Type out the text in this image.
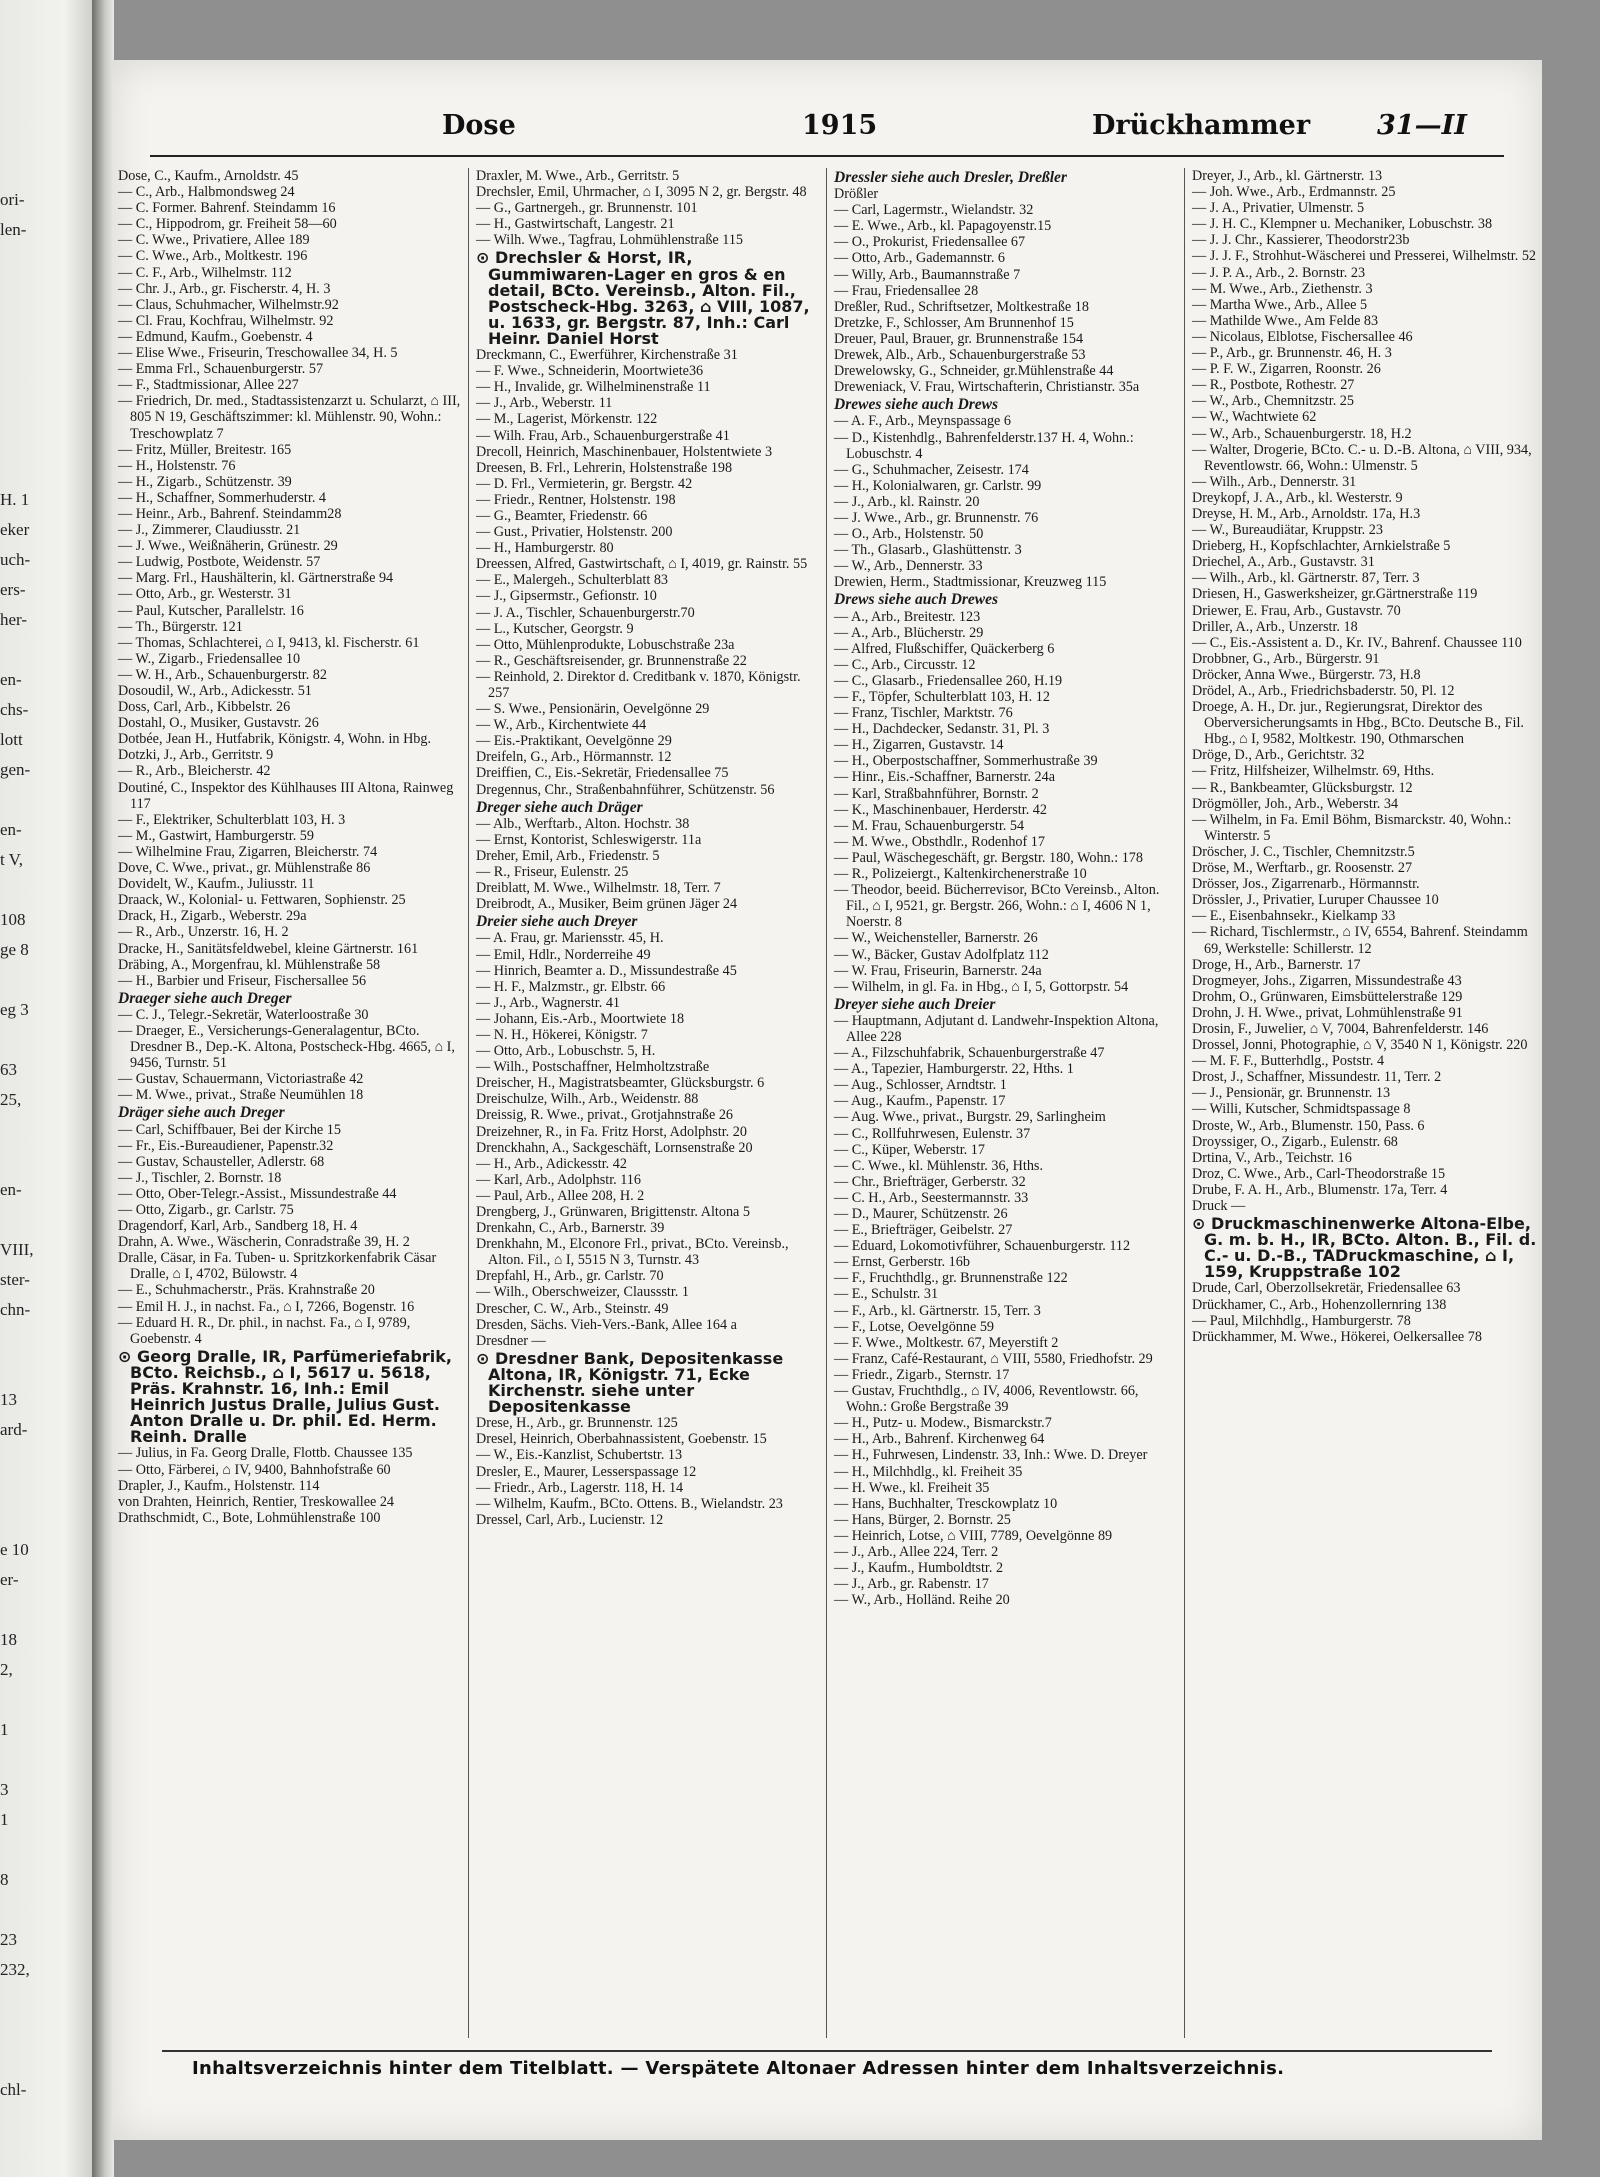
ori-
len-
H. 1
eker
uch-
ers-
her-
en-
chs-
lott
gen-
en-
t V,
108
ge 8
eg 3
63
25,
en-
VIII,
ster-
chn-
13
ard-
e 10
er-
18
2,
1
3
1
8
23
232,
chl-
Dose	1915	Drückhammer 31—II

Dose, C., Kaufm., Arnoldstr. 45

— C., Arb., Halbmondsweg 24

— C. Former. Bahrenf. Steindamm 16

— C., Hippodrom, gr. Freiheit 58—60

— C. Wwe., Privatiere, Allee 189

— C. Wwe., Arb., Moltkestr. 196

— C. F., Arb., Wilhelmstr. 112

— Chr. J., Arb., gr. Fischerstr. 4, H. 3

— Claus, Schuhmacher, Wilhelmstr.92

— Cl. Frau, Kochfrau, Wilhelmstr. 92

— Edmund, Kaufm., Goebenstr. 4

— Elise Wwe., Friseurin, Treschowallee 34, H. 5

— Emma Frl., Schauenburgerstr. 57

— F., Stadtmissionar, Allee 227

— Friedrich, Dr. med., Stadtassistenzarzt u. Schularzt, ⌂ III, 805 N 19, Geschäftszimmer: kl. Mühlenstr. 90, Wohn.: Treschowplatz 7

— Fritz, Müller, Breitestr. 165

— H., Holstenstr. 76

— H., Zigarb., Schützenstr. 39

— H., Schaffner, Sommerhuderstr. 4

— Heinr., Arb., Bahrenf. Steindamm28

— J., Zimmerer, Claudiusstr. 21

— J. Wwe., Weißnäherin, Grünestr. 29

— Ludwig, Postbote, Weidenstr. 57

— Marg. Frl., Haushälterin, kl. Gärtnerstraße 94

— Otto, Arb., gr. Westerstr. 31

— Paul, Kutscher, Parallelstr. 16

— Th., Bürgerstr. 121

— Thomas, Schlachterei, ⌂ I, 9413, kl. Fischerstr. 61

— W., Zigarb., Friedensallee 10

— W. H., Arb., Schauenburgerstr. 82

Dosoudil, W., Arb., Adickesstr. 51

Doss, Carl, Arb., Kibbelstr. 26

Dostahl, O., Musiker, Gustavstr. 26

Dotbée, Jean H., Hutfabrik, Königstr. 4, Wohn. in Hbg.

Dotzki, J., Arb., Gerritstr. 9

— R., Arb., Bleicherstr. 42

Doutiné, C., Inspektor des Kühlhauses III Altona, Rainweg 117

— F., Elektriker, Schulterblatt 103, H. 3

— M., Gastwirt, Hamburgerstr. 59

— Wilhelmine Frau, Zigarren, Bleicherstr. 74

Dove, C. Wwe., privat., gr. Mühlenstraße 86

Dovidelt, W., Kaufm., Juliusstr. 11

Draack, W., Kolonial- u. Fettwaren, Sophienstr. 25

Drack, H., Zigarb., Weberstr. 29a

— R., Arb., Unzerstr. 16, H. 2

Dracke, H., Sanitätsfeldwebel, kleine Gärtnerstr. 161

Dräbing, A., Morgenfrau, kl. Mühlenstraße 58

— H., Barbier und Friseur, Fischersallee 56

Draeger siehe auch Dreger

— C. J., Telegr.-Sekretär, Waterloostraße 30

— Draeger, E., Versicherungs-Generalagentur, BCto. Dresdner B., Dep.-K. Altona, Postscheck-Hbg. 4665, ⌂ I, 9456, Turnstr. 51

— Gustav, Schauermann, Victoriastraße 42

— M. Wwe., privat., Straße Neumühlen 18

Dräger siehe auch Dreger

— Carl, Schiffbauer, Bei der Kirche 15

— Fr., Eis.-Bureaudiener, Papenstr.32

— Gustav, Schausteller, Adlerstr. 68

— J., Tischler, 2. Bornstr. 18

— Otto, Ober-Telegr.-Assist., Missundestraße 44

— Otto, Zigarb., gr. Carlstr. 75

Dragendorf, Karl, Arb., Sandberg 18, H. 4

Drahn, A. Wwe., Wäscherin, Conradstraße 39, H. 2

Dralle, Cäsar, in Fa. Tuben- u. Spritzkorkenfabrik Cäsar Dralle, ⌂ I, 4702, Bülowstr. 4

— E., Schuhmacherstr., Präs. Krahnstraße 20

— Emil H. J., in nachst. Fa., ⌂ I, 7266, Bogenstr. 16

— Eduard H. R., Dr. phil., in nachst. Fa., ⌂ I, 9789, Goebenstr. 4

⊙ Georg Dralle, IR, Parfümeriefabrik, BCto. Reichsb., ⌂ I, 5617 u. 5618, Präs. Krahnstr. 16, Inh.: Emil Heinrich Justus Dralle, Julius Gust. Anton Dralle u. Dr. phil. Ed. Herm. Reinh. Dralle

— Julius, in Fa. Georg Dralle, Flottb. Chaussee 135

— Otto, Färberei, ⌂ IV, 9400, Bahnhofstraße 60

Drapler, J., Kaufm., Holstenstr. 114

von Drahten, Heinrich, Rentier, Treskowallee 24

Drathschmidt, C., Bote, Lohmühlenstraße 100

Draxler, M. Wwe., Arb., Gerritstr. 5

Drechsler, Emil, Uhrmacher, ⌂ I, 3095 N 2, gr. Bergstr. 48

— G., Gartnergeh., gr. Brunnenstr. 101

— H., Gastwirtschaft, Langestr. 21

— Wilh. Wwe., Tagfrau, Lohmühlenstraße 115

⊙ Drechsler & Horst, IR, Gummiwaren-Lager en gros & en detail, BCto. Vereinsb., Alton. Fil., Postscheck-Hbg. 3263, ⌂ VIII, 1087, u. 1633, gr. Bergstr. 87, Inh.: Carl Heinr. Daniel Horst

Dreckmann, C., Ewerführer, Kirchenstraße 31

— F. Wwe., Schneiderin, Moortwiete36

— H., Invalide, gr. Wilhelminenstraße 11

— J., Arb., Weberstr. 11

— M., Lagerist, Mörkenstr. 122

— Wilh. Frau, Arb., Schauenburgerstraße 41

Drecoll, Heinrich, Maschinenbauer, Holstentwiete 3

Dreesen, B. Frl., Lehrerin, Holstenstraße 198

— D. Frl., Vermieterin, gr. Bergstr. 42

— Friedr., Rentner, Holstenstr. 198

— G., Beamter, Friedenstr. 66

— Gust., Privatier, Holstenstr. 200

— H., Hamburgerstr. 80

Dreessen, Alfred, Gastwirtschaft, ⌂ I, 4019, gr. Rainstr. 55

— E., Malergeh., Schulterblatt 83

— J., Gipsermstr., Gefionstr. 10

— J. A., Tischler, Schauenburgerstr.70

— L., Kutscher, Georgstr. 9

— Otto, Mühlenprodukte, Lobuschstraße 23a

— R., Geschäftsreisender, gr. Brunnenstraße 22

— Reinhold, 2. Direktor d. Creditbank v. 1870, Königstr. 257

— S. Wwe., Pensionärin, Oevelgönne 29

— W., Arb., Kirchentwiete 44

— Eis.-Praktikant, Oevelgönne 29

Dreifeln, G., Arb., Hörmannstr. 12

Dreiffien, C., Eis.-Sekretär, Friedensallee 75

Dregennus, Chr., Straßenbahnführer, Schützenstr. 56

Dreger siehe auch Dräger

— Alb., Werftarb., Alton. Hochstr. 38

— Ernst, Kontorist, Schleswigerstr. 11a

Dreher, Emil, Arb., Friedenstr. 5

— R., Friseur, Eulenstr. 25

Dreiblatt, M. Wwe., Wilhelmstr. 18, Terr. 7

Dreibrodt, A., Musiker, Beim grünen Jäger 24

Dreier siehe auch Dreyer

— A. Frau, gr. Mariensstr. 45, H.

— Emil, Hdlr., Norderreihe 49

— Hinrich, Beamter a. D., Missundestraße 45

— H. F., Malzmstr., gr. Elbstr. 66

— J., Arb., Wagnerstr. 41

— Johann, Eis.-Arb., Moortwiete 18

— N. H., Hökerei, Königstr. 7

— Otto, Arb., Lobuschstr. 5, H.

— Wilh., Postschaffner, Helmholtzstraße

Dreischer, H., Magistratsbeamter, Glücksburgstr. 6

Dreischulze, Wilh., Arb., Weidenstr. 88

Dreissig, R. Wwe., privat., Grotjahnstraße 26

Dreizehner, R., in Fa. Fritz Horst, Adolphstr. 20

Drenckhahn, A., Sackgeschäft, Lornsenstraße 20

— H., Arb., Adickesstr. 42

— Karl, Arb., Adolphstr. 116

— Paul, Arb., Allee 208, H. 2

Drengberg, J., Grünwaren, Brigittenstr. Altona 5

Drenkahn, C., Arb., Barnerstr. 39

Drenkhahn, M., Elconore Frl., privat., BCto. Vereinsb., Alton. Fil., ⌂ I, 5515 N 3, Turnstr. 43

Drepfahl, H., Arb., gr. Carlstr. 70

— Wilh., Oberschweizer, Claussstr. 1

Drescher, C. W., Arb., Steinstr. 49

Dresden, Sächs. Vieh-Vers.-Bank, Allee 164 a

Dresdner —

⊙ Dresdner Bank, Depositenkasse Altona, IR, Königstr. 71, Ecke Kirchenstr. siehe unter Depositenkasse

Drese, H., Arb., gr. Brunnenstr. 125

Dresel, Heinrich, Oberbahnassistent, Goebenstr. 15

— W., Eis.-Kanzlist, Schubertstr. 13

Dresler, E., Maurer, Lesserspassage 12

— Friedr., Arb., Lagerstr. 118, H. 14

— Wilhelm, Kaufm., BCto. Ottens. B., Wielandstr. 23

Dressel, Carl, Arb., Lucienstr. 12

Dressler siehe auch Dresler, Dreßler

Drößler

— Carl, Lagermstr., Wielandstr. 32

— E. Wwe., Arb., kl. Papagoyenstr.15

— O., Prokurist, Friedensallee 67

— Otto, Arb., Gademannstr. 6

— Willy, Arb., Baumannstraße 7

— Frau, Friedensallee 28

Dreßler, Rud., Schriftsetzer, Moltkestraße 18

Dretzke, F., Schlosser, Am Brunnenhof 15

Dreuer, Paul, Brauer, gr. Brunnenstraße 154

Drewek, Alb., Arb., Schauenburgerstraße 53

Drewelowsky, G., Schneider, gr.Mühlenstraße 44

Dreweniack, V. Frau, Wirtschafterin, Christianstr. 35a

Drewes siehe auch Drews

— A. F., Arb., Meynspassage 6

— D., Kistenhdlg., Bahrenfelderstr.137 H. 4, Wohn.: Lobuschstr. 4

— G., Schuhmacher, Zeisestr. 174

— H., Kolonialwaren, gr. Carlstr. 99

— J., Arb., kl. Rainstr. 20

— J. Wwe., Arb., gr. Brunnenstr. 76

— O., Arb., Holstenstr. 50

— Th., Glasarb., Glashüttenstr. 3

— W., Arb., Dennerstr. 33

Drewien, Herm., Stadtmissionar, Kreuzweg 115

Drews siehe auch Drewes

— A., Arb., Breitestr. 123

— A., Arb., Blücherstr. 29

— Alfred, Flußschiffer, Quäckerberg 6

— C., Arb., Circusstr. 12

— C., Glasarb., Friedensallee 260, H.19

— F., Töpfer, Schulterblatt 103, H. 12

— Franz, Tischler, Marktstr. 76

— H., Dachdecker, Sedanstr. 31, Pl. 3

— H., Zigarren, Gustavstr. 14

— H., Oberpostschaffner, Sommerhustraße 39

— Hinr., Eis.-Schaffner, Barnerstr. 24a

— Karl, Straßbahnführer, Bornstr. 2

— K., Maschinenbauer, Herderstr. 42

— M. Frau, Schauenburgerstr. 54

— M. Wwe., Obsthdlr., Rodenhof 17

— Paul, Wäschegeschäft, gr. Bergstr. 180, Wohn.: 178

— R., Polizeiergt., Kaltenkirchenerstraße 10

— Theodor, beeid. Bücherrevisor, BCto Vereinsb., Alton. Fil., ⌂ I, 9521, gr. Bergstr. 266, Wohn.: ⌂ I, 4606 N 1, Noerstr. 8

— W., Weichensteller, Barnerstr. 26

— W., Bäcker, Gustav Adolfplatz 112

— W. Frau, Friseurin, Barnerstr. 24a

— Wilhelm, in gl. Fa. in Hbg., ⌂ I, 5, Gottorpstr. 54

Dreyer siehe auch Dreier

— Hauptmann, Adjutant d. Landwehr-Inspektion Altona, Allee 228

— A., Filzschuhfabrik, Schauenburgerstraße 47

— A., Tapezier, Hamburgerstr. 22, Hths. 1

— Aug., Schlosser, Arndtstr. 1

— Aug., Kaufm., Papenstr. 17

— Aug. Wwe., privat., Burgstr. 29, Sarlingheim

— C., Rollfuhrwesen, Eulenstr. 37

— C., Küper, Weberstr. 17

— C. Wwe., kl. Mühlenstr. 36, Hths.

— Chr., Briefträger, Gerberstr. 32

— C. H., Arb., Seestermannstr. 33

— D., Maurer, Schützenstr. 26

— E., Briefträger, Geibelstr. 27

— Eduard, Lokomotivführer, Schauenburgerstr. 112

— Ernst, Gerberstr. 16b

— F., Fruchthdlg., gr. Brunnenstraße 122

— E., Schulstr. 31

— F., Arb., kl. Gärtnerstr. 15, Terr. 3

— F., Lotse, Oevelgönne 59

— F. Wwe., Moltkestr. 67, Meyerstift 2

— Franz, Café-Restaurant, ⌂ VIII, 5580, Friedhofstr. 29

— Friedr., Zigarb., Sternstr. 17

— Gustav, Fruchthdlg., ⌂ IV, 4006, Reventlowstr. 66, Wohn.: Große Bergstraße 39

— H., Putz- u. Modew., Bismarckstr.7

— H., Arb., Bahrenf. Kirchenweg 64

— H., Fuhrwesen, Lindenstr. 33, Inh.: Wwe. D. Dreyer

— H., Milchhdlg., kl. Freiheit 35

— H. Wwe., kl. Freiheit 35

— Hans, Buchhalter, Tresckowplatz 10

— Hans, Bürger, 2. Bornstr. 25

— Heinrich, Lotse, ⌂ VIII, 7789, Oevelgönne 89

— J., Arb., Allee 224, Terr. 2

— J., Kaufm., Humboldtstr. 2

— J., Arb., gr. Rabenstr. 17

— W., Arb., Holländ. Reihe 20

Dreyer, J., Arb., kl. Gärtnerstr. 13

— Joh. Wwe., Arb., Erdmannstr. 25

— J. A., Privatier, Ulmenstr. 5

— J. H. C., Klempner u. Mechaniker, Lobuschstr. 38

— J. J. Chr., Kassierer, Theodorstr23b

— J. J. F., Strohhut-Wäscherei und Presserei, Wilhelmstr. 52

— J. P. A., Arb., 2. Bornstr. 23

— M. Wwe., Arb., Ziethenstr. 3

— Martha Wwe., Arb., Allee 5

— Mathilde Wwe., Am Felde 83

— Nicolaus, Elblotse, Fischersallee 46

— P., Arb., gr. Brunnenstr. 46, H. 3

— P. F. W., Zigarren, Roonstr. 26

— R., Postbote, Rothestr. 27

— W., Arb., Chemnitzstr. 25

— W., Wachtwiete 62

— W., Arb., Schauenburgerstr. 18, H.2

— Walter, Drogerie, BCto. C.- u. D.-B. Altona, ⌂ VIII, 934, Reventlowstr. 66, Wohn.: Ulmenstr. 5

— Wilh., Arb., Dennerstr. 31

Dreykopf, J. A., Arb., kl. Westerstr. 9

Dreyse, H. M., Arb., Arnoldstr. 17a, H.3

— W., Bureaudiätar, Kruppstr. 23

Drieberg, H., Kopfschlachter, Arnkielstraße 5

Driechel, A., Arb., Gustavstr. 31

— Wilh., Arb., kl. Gärtnerstr. 87, Terr. 3

Driesen, H., Gaswerksheizer, gr.Gärtnerstraße 119

Driewer, E. Frau, Arb., Gustavstr. 70

Driller, A., Arb., Unzerstr. 18

— C., Eis.-Assistent a. D., Kr. IV., Bahrenf. Chaussee 110

Drobbner, G., Arb., Bürgerstr. 91

Dröcker, Anna Wwe., Bürgerstr. 73, H.8

Drödel, A., Arb., Friedrichsbaderstr. 50, Pl. 12

Droege, A. H., Dr. jur., Regierungsrat, Direktor des Oberversicherungsamts in Hbg., BCto. Deutsche B., Fil. Hbg., ⌂ I, 9582, Moltkestr. 190, Othmarschen

Dröge, D., Arb., Gerichtstr. 32

— Fritz, Hilfsheizer, Wilhelmstr. 69, Hths.

— R., Bankbeamter, Glücksburgstr. 12

Drögmöller, Joh., Arb., Weberstr. 34

— Wilhelm, in Fa. Emil Böhm, Bismarckstr. 40, Wohn.: Winterstr. 5

Dröscher, J. C., Tischler, Chemnitzstr.5

Dröse, M., Werftarb., gr. Roosenstr. 27

Drösser, Jos., Zigarrenarb., Hörmannstr.

Drössler, J., Privatier, Luruper Chaussee 10

— E., Eisenbahnsekr., Kielkamp 33

— Richard, Tischlermstr., ⌂ IV, 6554, Bahrenf. Steindamm 69, Werkstelle: Schillerstr. 12

Droge, H., Arb., Barnerstr. 17

Drogmeyer, Johs., Zigarren, Missundestraße 43

Drohm, O., Grünwaren, Eimsbüttelerstraße 129

Drohn, J. H. Wwe., privat, Lohmühlenstraße 91

Drosin, F., Juwelier, ⌂ V, 7004, Bahrenfelderstr. 146

Drossel, Jonni, Photographie, ⌂ V, 3540 N 1, Königstr. 220

— M. F. F., Butterhdlg., Poststr. 4

Drost, J., Schaffner, Missundestr. 11, Terr. 2

— J., Pensionär, gr. Brunnenstr. 13

— Willi, Kutscher, Schmidtspassage 8

Droste, W., Arb., Blumenstr. 150, Pass. 6

Droyssiger, O., Zigarb., Eulenstr. 68

Drtina, V., Arb., Teichstr. 16

Droz, C. Wwe., Arb., Carl-Theodorstraße 15

Drube, F. A. H., Arb., Blumenstr. 17a, Terr. 4

Druck —

⊙ Druckmaschinenwerke Altona-Elbe, G. m. b. H., IR, BCto. Alton. B., Fil. d. C.- u. D.-B., TADruckmaschine, ⌂ I, 159, Kruppstraße 102

Drude, Carl, Oberzollsekretär, Friedensallee 63

Drückhamer, C., Arb., Hohenzollernring 138

— Paul, Milchhdlg., Hamburgerstr. 78

Drückhammer, M. Wwe., Hökerei, Oelkersallee 78

Inhaltsverzeichnis hinter dem Titelblatt. — Verspätete Altonaer Adressen hinter dem Inhaltsverzeichnis.
